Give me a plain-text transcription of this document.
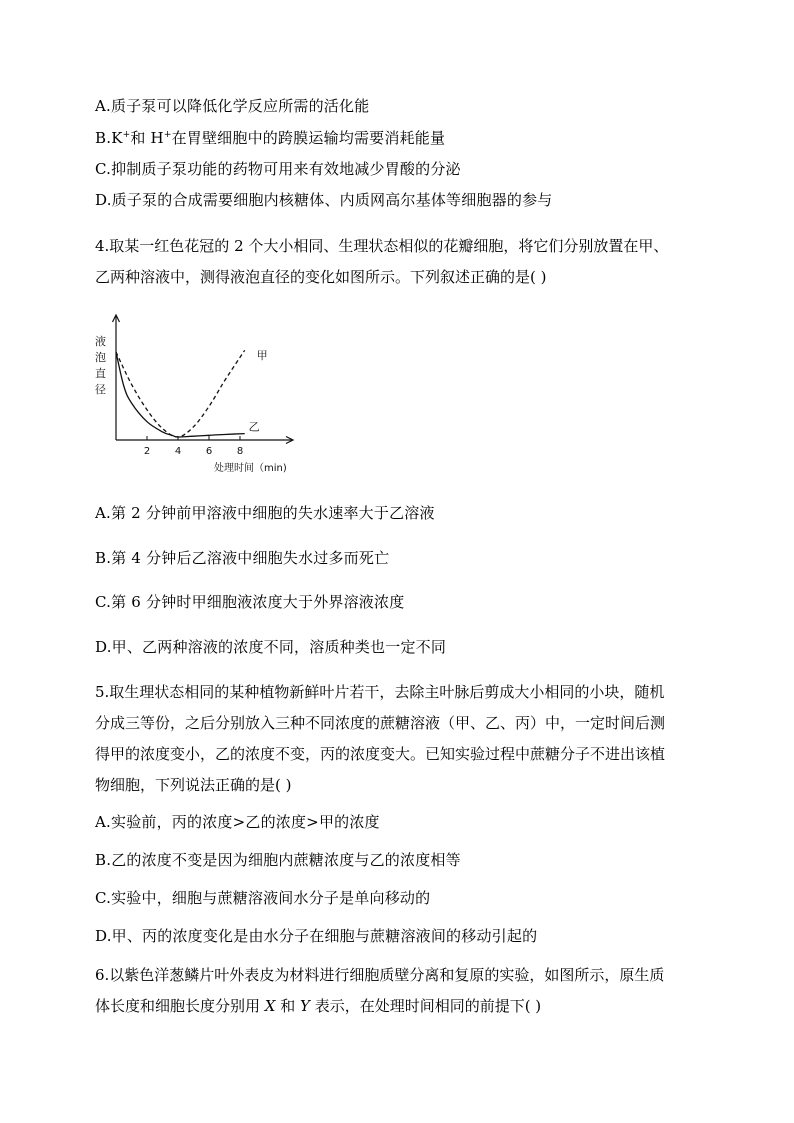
A.质子泵可以降低化学反应所需的活化能
B.K+和 H+在胃壁细胞中的跨膜运输均需要消耗能量
C.抑制质子泵功能的药物可用来有效地减少胃酸的分泌
D.质子泵的合成需要细胞内核糖体、内质网高尔基体等细胞器的参与

4.取某一红色花冠的 2 个大小相同、生理状态相似的花瓣细胞，将它们分别放置在甲、

乙两种溶液中，测得液泡直径的变化如图所示。下列叙述正确的是( )

液
泡
直
径
2 4 6 8
甲
乙
处理时间（min)
A.第 2 分钟前甲溶液中细胞的失水速率大于乙溶液
B.第 4 分钟后乙溶液中细胞失水过多而死亡
C.第 6 分钟时甲细胞液浓度大于外界溶液浓度
D.甲、乙两种溶液的浓度不同，溶质种类也一定不同

5.取生理状态相同的某种植物新鲜叶片若干，去除主叶脉后剪成大小相同的小块，随机

分成三等份，之后分别放入三种不同浓度的蔗糖溶液（甲、乙、丙）中，一定时间后测

得甲的浓度变小，乙的浓度不变，丙的浓度变大。已知实验过程中蔗糖分子不进出该植

物细胞，下列说法正确的是( )

A.实验前，丙的浓度>乙的浓度>甲的浓度
B.乙的浓度不变是因为细胞内蔗糖浓度与乙的浓度相等
C.实验中，细胞与蔗糖溶液间水分子是单向移动的
D.甲、丙的浓度变化是由水分子在细胞与蔗糖溶液间的移动引起的

6.以紫色洋葱鳞片叶外表皮为材料进行细胞质壁分离和复原的实验，如图所示，原生质

体长度和细胞长度分别用 X 和 Y 表示，在处理时间相同的前提下( )
